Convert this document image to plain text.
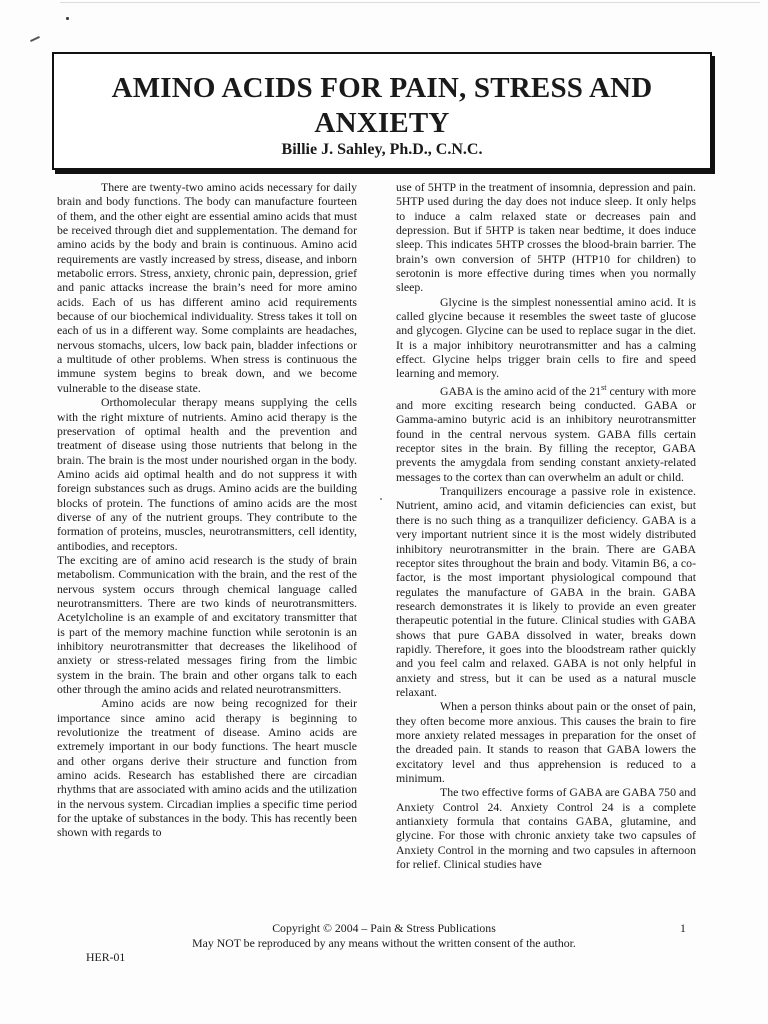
AMINO ACIDS FOR PAIN, STRESS AND
ANXIETY
Billie J. Sahley, Ph.D., C.N.C.

There are twenty-two amino acids necessary for daily brain and body functions. The body can manufacture fourteen of them, and the other eight are essential amino acids that must be received through diet and supplementation. The demand for amino acids by the body and brain is continuous. Amino acid requirements are vastly increased by stress, disease, and inborn metabolic errors. Stress, anxiety, chronic pain, depression, grief and panic attacks increase the brain’s need for more amino acids. Each of us has different amino acid requirements because of our biochemical individuality. Stress takes it toll on each of us in a different way. Some complaints are headaches, nervous stomachs, ulcers, low back pain, bladder infections or a multitude of other problems. When stress is continuous the immune system begins to break down, and we become vulnerable to the disease state.

Orthomolecular therapy means supplying the cells with the right mixture of nutrients. Amino acid therapy is the preservation of optimal health and the prevention and treatment of disease using those nutrients that belong in the brain. The brain is the most under nourished organ in the body. Amino acids aid optimal health and do not suppress it with foreign substances such as drugs. Amino acids are the building blocks of protein. The functions of amino acids are the most diverse of any of the nutrient groups. They contribute to the formation of proteins, muscles, neurotransmitters, cell identity, antibodies, and receptors.

The exciting are of amino acid research is the study of brain metabolism. Communication with the brain, and the rest of the nervous system occurs through chemical language called neurotransmitters. There are two kinds of neurotransmitters. Acetylcholine is an example of and excitatory transmitter that is part of the memory machine function while serotonin is an inhibitory neurotransmitter that decreases the likelihood of anxiety or stress-related messages firing from the limbic system in the brain. The brain and other organs talk to each other through the amino acids and related neurotransmitters.

Amino acids are now being recognized for their importance since amino acid therapy is beginning to revolutionize the treatment of disease. Amino acids are extremely important in our body functions. The heart muscle and other organs derive their structure and function from amino acids. Research has established there are circadian rhythms that are associated with amino acids and the utilization in the nervous system. Circadian implies a specific time period for the uptake of substances in the body. This has recently been shown with regards to

use of 5HTP in the treatment of insomnia, depression and pain. 5HTP used during the day does not induce sleep. It only helps to induce a calm relaxed state or decreases pain and depression. But if 5HTP is taken near bedtime, it does induce sleep. This indicates 5HTP crosses the blood-brain barrier. The brain’s own conversion of 5HTP (HTP10 for children) to serotonin is more effective during times when you normally sleep.

Glycine is the simplest nonessential amino acid. It is called glycine because it resembles the sweet taste of glucose and glycogen. Glycine can be used to replace sugar in the diet. It is a major inhibitory neurotransmitter and has a calming effect. Glycine helps trigger brain cells to fire and speed learning and memory.

GABA is the amino acid of the 21st century with more and more exciting research being conducted. GABA or Gamma-amino butyric acid is an inhibitory neurotransmitter found in the central nervous system. GABA fills certain receptor sites in the brain. By filling the receptor, GABA prevents the amygdala from sending constant anxiety-related messages to the cortex than can overwhelm an adult or child.

Tranquilizers encourage a passive role in existence. Nutrient, amino acid, and vitamin deficiencies can exist, but there is no such thing as a tranquilizer deficiency. GABA is a very important nutrient since it is the most widely distributed inhibitory neurotransmitter in the brain. There are GABA receptor sites throughout the brain and body. Vitamin B6, a co-factor, is the most important physiological compound that regulates the manufacture of GABA in the brain. GABA research demonstrates it is likely to provide an even greater therapeutic potential in the future. Clinical studies with GABA shows that pure GABA dissolved in water, breaks down rapidly. Therefore, it goes into the bloodstream rather quickly and you feel calm and relaxed. GABA is not only helpful in anxiety and stress, but it can be used as a natural muscle relaxant.

When a person thinks about pain or the onset of pain, they often become more anxious. This causes the brain to fire more anxiety related messages in preparation for the onset of the dreaded pain. It stands to reason that GABA lowers the excitatory level and thus apprehension is reduced to a minimum.

The two effective forms of GABA are GABA 750 and Anxiety Control 24. Anxiety Control 24 is a complete antianxiety formula that contains GABA, glutamine, and glycine. For those with chronic anxiety take two capsules of Anxiety Control in the morning and two capsules in afternoon for relief. Clinical studies have

Copyright © 2004 – Pain & Stress Publications
May NOT be reproduced by any means without the written consent of the author.
1
HER-01
